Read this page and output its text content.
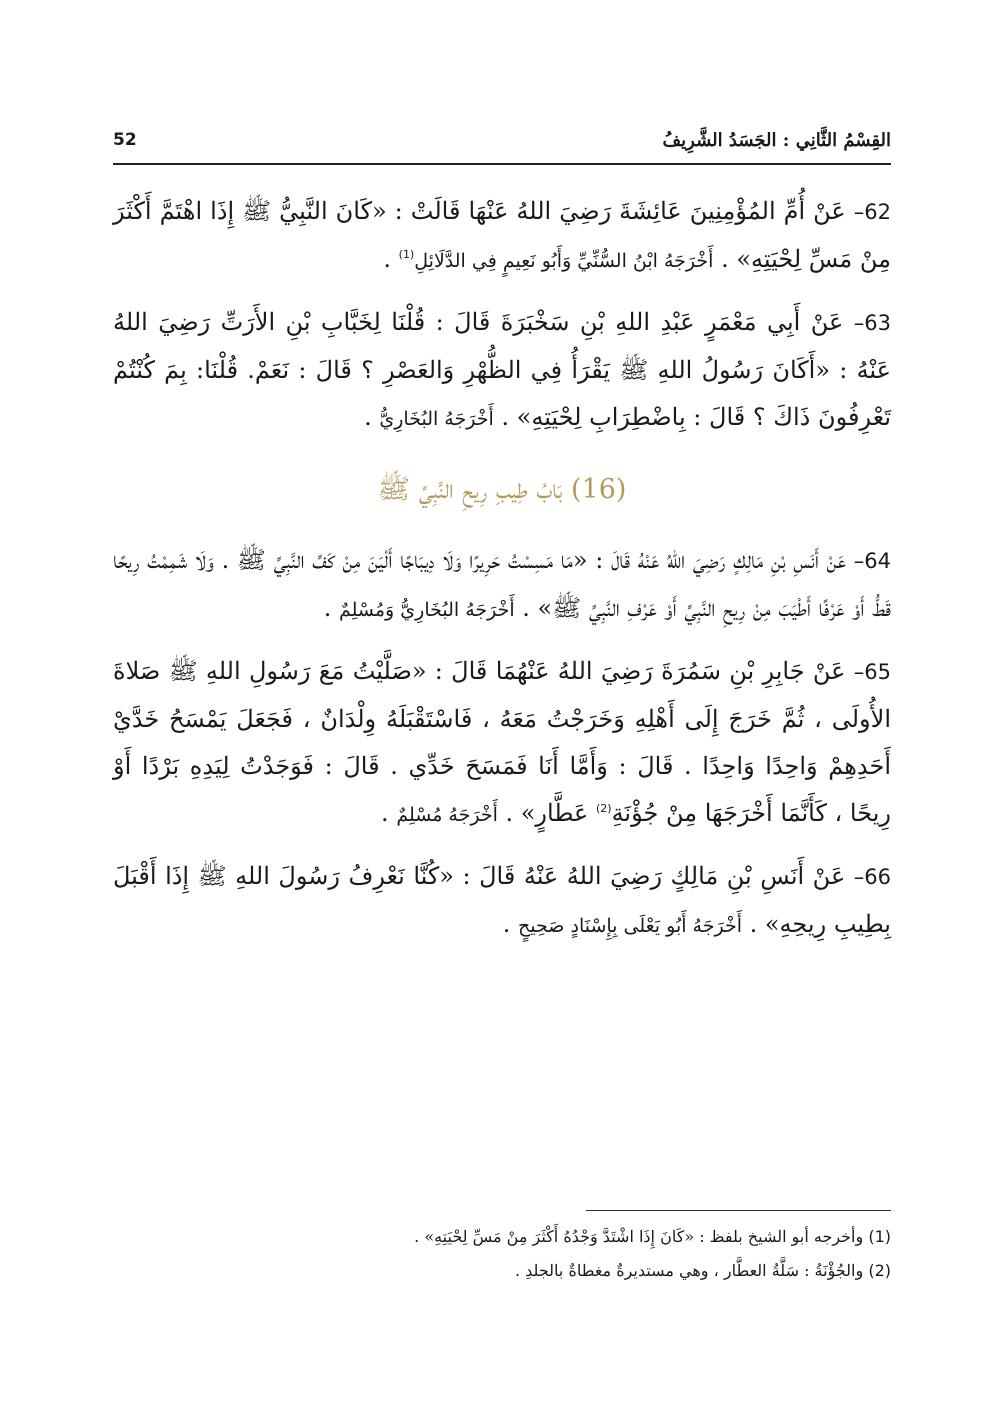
القِسْمُ الثَّانِي : الجَسَدُ الشَّرِيفُ
52

62– عَنْ أُمِّ المُؤْمِنِينَ عَائِشَةَ رَضِيَ اللهُ عَنْهَا قَالَتْ : «كَانَ النَّبِيُّ ﷺ إِذَا اهْتَمَّ أَكْثَرَ مِنْ مَسِّ لِحْيَتِهِ» . أَخْرَجَهُ ابْنُ السُّنِّيِّ وَأَبُو نَعِيمٍ فِي الدَّلَائِلِ$^{(1)}$ .

63– عَنْ أَبِي مَعْمَرٍ عَبْدِ اللهِ بْنِ سَخْبَرَةَ قَالَ : قُلْنَا لِخَبَّابِ بْنِ الأَرَتِّ رَضِيَ اللهُ عَنْهُ : «أَكَانَ رَسُولُ اللهِ ﷺ يَقْرَأُ فِي الظُّهْرِ وَالعَصْرِ ؟ قَالَ : نَعَمْ. قُلْنَا: بِمَ كُنْتُمْ تَعْرِفُونَ ذَاكَ ؟ قَالَ : بِاضْطِرَابِ لِحْيَتِهِ» . أَخْرَجَهُ البُخَارِيُّ .

(16) بَابُ طِيبِ رِيحِ النَّبِيِّ ﷺ

64– عَنْ أَنَسِ بْنِ مَالِكٍ رَضِيَ اللهُ عَنْهُ قَالَ : «مَا مَسِسْتُ حَرِيرًا وَلَا دِيبَاجًا أَلْيَنَ مِنْ كَفِّ النَّبِيِّ ﷺ . وَلَا شَمِمْتُ رِيحًا قَطُّ أَوْ عَرْفًا أَطْيَبَ مِنْ رِيحِ النَّبِيِّ أَوْ عَرْفِ النَّبِيِّ ﷺ» . أَخْرَجَهُ البُخَارِيُّ وَمُسْلِمٌ .

65– عَنْ جَابِرِ بْنِ سَمُرَةَ رَضِيَ اللهُ عَنْهُمَا قَالَ : «صَلَّيْتُ مَعَ رَسُولِ اللهِ ﷺ صَلاةَ الأُولَى ، ثُمَّ خَرَجَ إِلَى أَهْلِهِ وَخَرَجْتُ مَعَهُ ، فَاسْتَقْبَلَهُ وِلْدَانٌ ، فَجَعَلَ يَمْسَحُ خَدَّيْ أَحَدِهِمْ وَاحِدًا وَاحِدًا . قَالَ : وَأَمَّا أَنَا فَمَسَحَ خَدِّي . قَالَ : فَوَجَدْتُ لِيَدِهِ بَرْدًا أَوْ رِيحًا ، كَأَنَّمَا أَخْرَجَهَا مِنْ جُؤْنَةِ$^{(2)}$ عَطَّارٍ» . أَخْرَجَهُ مُسْلِمٌ .

66– عَنْ أَنَسِ بْنِ مَالِكٍ رَضِيَ اللهُ عَنْهُ قَالَ : «كُنَّا نَعْرِفُ رَسُولَ اللهِ ﷺ إِذَا أَقْبَلَ بِطِيبِ رِيحِهِ» . أَخْرَجَهُ أَبُو يَعْلَى بِإِسْنَادٍ صَحِيحٍ .

(1) وأخرجه أبو الشيخ بلفظ : «كَانَ إِذَا اشْتَدَّ وَجْدُهُ أَكْثَرَ مِنْ مَسِّ لِحْيَتِهِ» .
(2) والجُؤْنَةُ : سَلَّةُ العطَّار ، وهي مستديرةٌ مغطاةٌ بالجلدِ .
